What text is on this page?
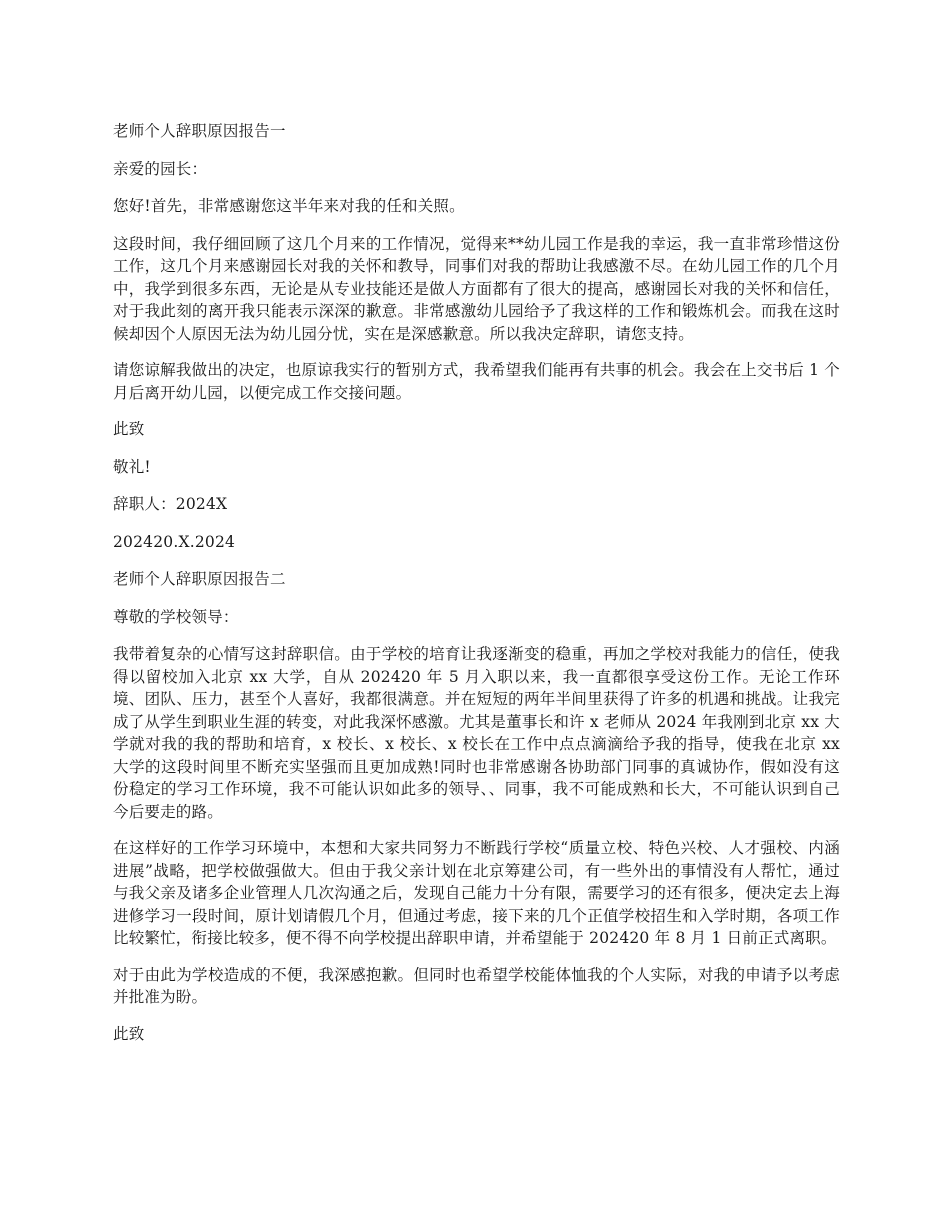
老师个人辞职原因报告一

亲爱的园长：

您好!首先，非常感谢您这半年来对我的任和关照。

这段时间，我仔细回顾了这几个月来的工作情况，觉得来**幼儿园工作是我的幸运，我一直非常珍惜这份工作，这几个月来感谢园长对我的关怀和教导，同事们对我的帮助让我感激不尽。在幼儿园工作的几个月中，我学到很多东西，无论是从专业技能还是做人方面都有了很大的提高，感谢园长对我的关怀和信任，对于我此刻的离开我只能表示深深的歉意。非常感激幼儿园给予了我这样的工作和锻炼机会。而我在这时候却因个人原因无法为幼儿园分忧，实在是深感歉意。所以我决定辞职，请您支持。

请您谅解我做出的决定，也原谅我实行的暂别方式，我希望我们能再有共事的机会。我会在上交书后 1 个月后离开幼儿园，以便完成工作交接问题。

此致

敬礼!

辞职人：2024X

202420.X.2024

老师个人辞职原因报告二

尊敬的学校领导：

我带着复杂的心情写这封辞职信。由于学校的培育让我逐渐变的稳重，再加之学校对我能力的信任，使我得以留校加入北京 xx 大学，自从 202420 年 5 月入职以来，我一直都很享受这份工作。无论工作环境、团队、压力，甚至个人喜好，我都很满意。并在短短的两年半间里获得了许多的机遇和挑战。让我完成了从学生到职业生涯的转变，对此我深怀感激。尤其是董事长和许 x 老师从 2024 年我刚到北京 xx 大学就对我的我的帮助和培育，x 校长、x 校长、x 校长在工作中点点滴滴给予我的指导，使我在北京 xx 大学的这段时间里不断充实坚强而且更加成熟!同时也非常感谢各协助部门同事的真诚协作，假如没有这份稳定的学习工作环境，我不可能认识如此多的领导、、同事，我不可能成熟和长大，不可能认识到自己今后要走的路。

在这样好的工作学习环境中，本想和大家共同努力不断践行学校“质量立校、特色兴校、人才强校、内涵进展”战略，把学校做强做大。但由于我父亲计划在北京筹建公司，有一些外出的事情没有人帮忙，通过与我父亲及诸多企业管理人几次沟通之后，发现自己能力十分有限，需要学习的还有很多，便决定去上海进修学习一段时间，原计划请假几个月，但通过考虑，接下来的几个正值学校招生和入学时期，各项工作比较繁忙，衔接比较多，便不得不向学校提出辞职申请，并希望能于 202420 年 8 月 1 日前正式离职。

对于由此为学校造成的不便，我深感抱歉。但同时也希望学校能体恤我的个人实际，对我的申请予以考虑并批准为盼。

此致
